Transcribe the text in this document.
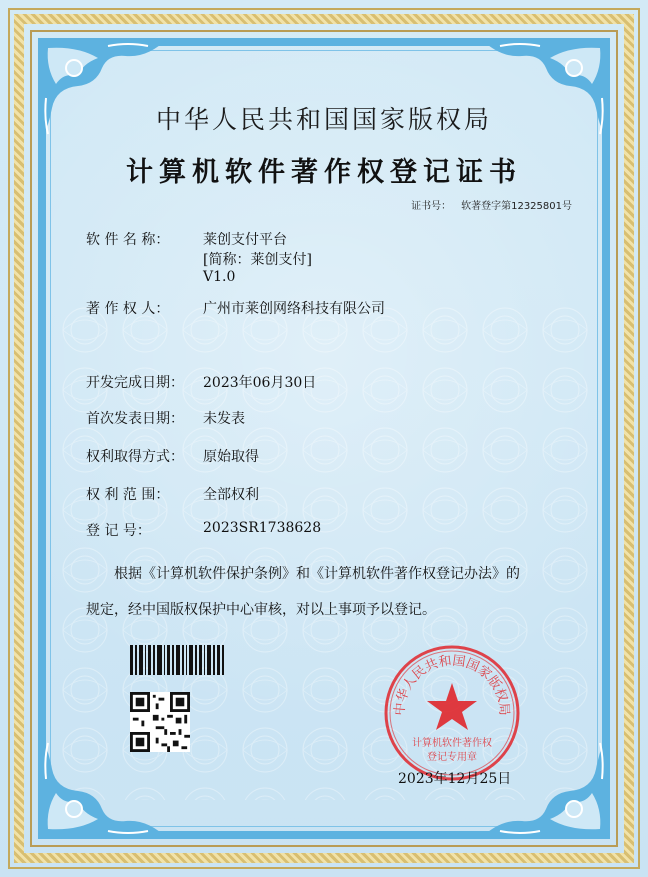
中华人民共和国国家版权局
计算机软件著作权登记证书
证书号： 软著登字第12325801号
软 件 名 称： 莱创支付平台
[简称：莱创支付]
V1.0
著 作 权 人： 广州市莱创网络科技有限公司
开发完成日期： 2023年06月30日
首次发表日期： 未发表
权利取得方式： 原始取得
权 利 范 围： 全部权利
登 记 号：	2023SR1738628
根据《计算机软件保护条例》和《计算机软件著作权登记办法》的
规定，经中国版权保护中心审核，对以上事项予以登记。
中华人民共和国国家版权局
计算机软件著作权
登记专用章
2023年12月25日
